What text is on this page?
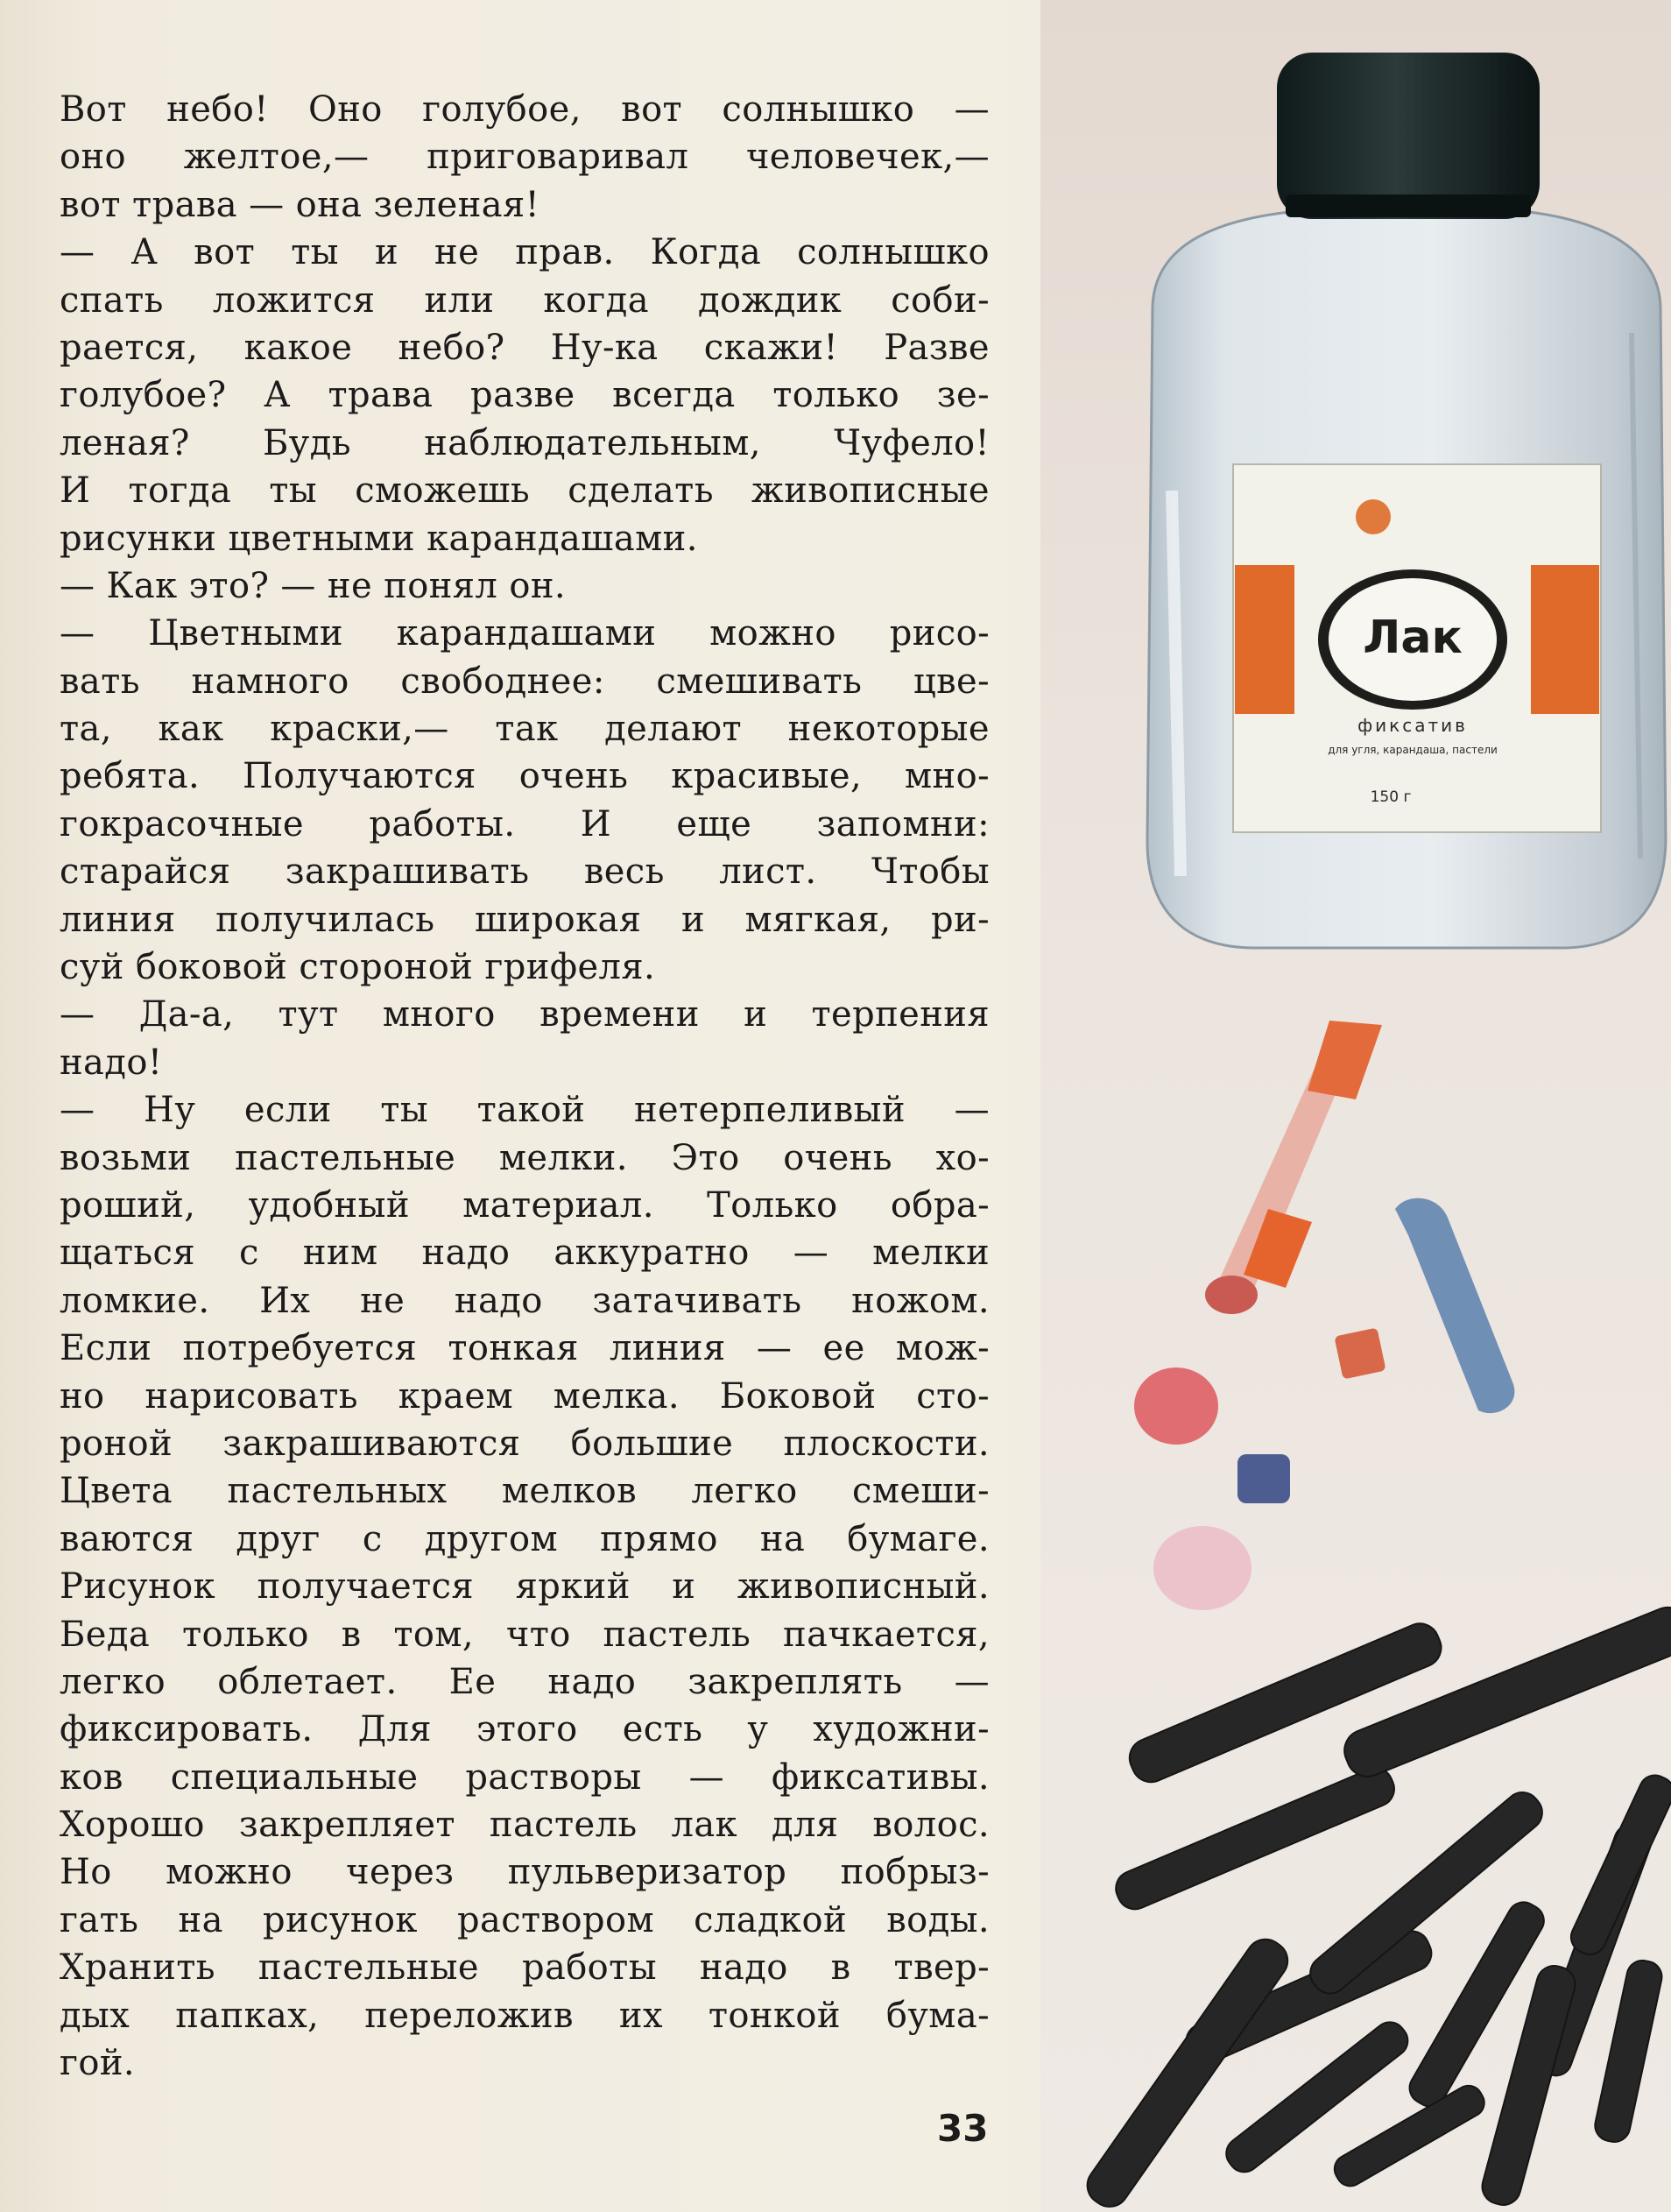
Вот небо! Оно голубое, вот солнышко —
оно желтое,— приговаривал человечек,—
вот трава — она зеленая!
— А вот ты и не прав. Когда солнышко
спать ложится или когда дождик соби-
рается, какое небо? Ну-ка скажи! Разве
голубое? А трава разве всегда только зе-
леная? Будь наблюдательным, Чуфело!
И тогда ты сможешь сделать живописные
рисунки цветными карандашами.
— Как это? — не понял он.
— Цветными карандашами можно рисо-
вать намного свободнее: смешивать цве-
та, как краски,— так делают некоторые
ребята. Получаются очень красивые, мно-
гокрасочные работы. И еще запомни:
старайся закрашивать весь лист. Чтобы
линия получилась широкая и мягкая, ри-
суй боковой стороной грифеля.
— Да-а, тут много времени и терпения
надо!
— Ну если ты такой нетерпеливый —
возьми пастельные мелки. Это очень хо-
роший, удобный материал. Только обра-
щаться с ним надо аккуратно — мелки
ломкие. Их не надо затачивать ножом.
Если потребуется тонкая линия — ее мож-
но нарисовать краем мелка. Боковой сто-
роной закрашиваются большие плоскости.
Цвета пастельных мелков легко смеши-
ваются друг с другом прямо на бумаге.
Рисунок получается яркий и живописный.
Беда только в том, что пастель пачкается,
легко облетает. Ее надо закреплять —
фиксировать. Для этого есть у художни-
ков специальные растворы — фиксативы.
Хорошо закрепляет пастель лак для волос.
Но можно через пульверизатор побрыз-
гать на рисунок раствором сладкой воды.
Хранить пастельные работы надо в твер-
дых папках, переложив их тонкой бума-
гой.
33
Лак
фиксатив
для угля, карандаша, пастели
150 г
